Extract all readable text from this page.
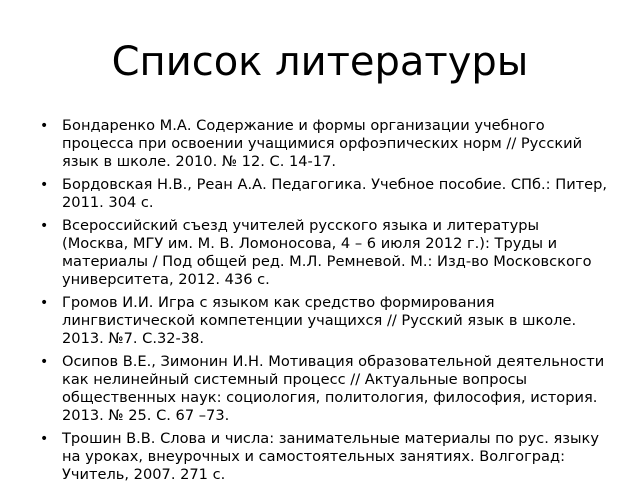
Список литературы
• Бондаренко М.А. Содержание и формы организации учебного процесса при освоении учащимися орфоэпических норм // Русский язык в школе. 2010. № 12. С. 14-17.
• Бордовская Н.В., Реан А.А. Педагогика. Учебное пособие. СПб.: Питер, 2011. 304 с.
• Всероссийский съезд учителей русского языка и литературы (Москва, МГУ им. М. В. Ломоносова, 4 – 6 июля 2012 г.): Труды и материалы / Под общей ред. М.Л. Ремневой. М.: Изд-во Московского университета, 2012. 436 с.
• Громов И.И. Игра с языком как средство формирования лингвистической компетенции учащихся // Русский язык в школе. 2013. №7. С.32-38.
• Осипов В.Е., Зимонин И.Н. Мотивация образовательной деятельности как нелинейный системный процесс // Актуальные вопросы общественных наук: социология, политология, философия, история. 2013. № 25. С. 67 –73.
• Трошин В.В. Слова и числа: занимательные материалы по рус. языку на уроках, внеурочных и самостоятельных занятиях. Волгоград: Учитель, 2007. 271 с.
